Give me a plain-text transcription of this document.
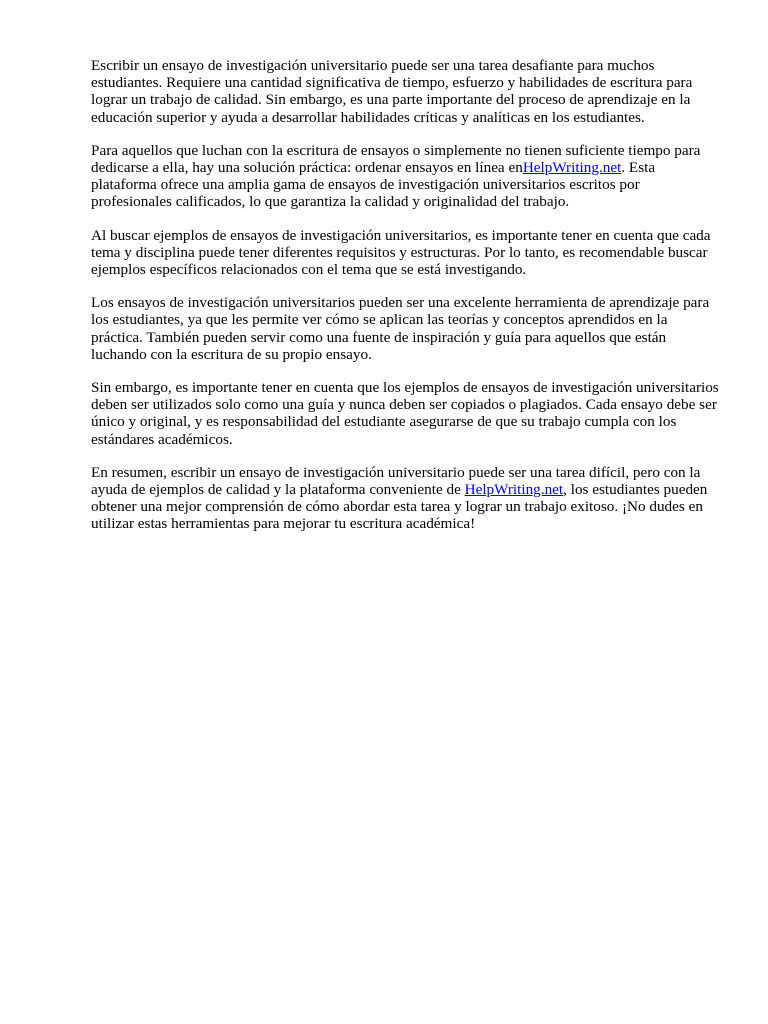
Escribir un ensayo de investigación universitario puede ser una tarea desafiante para muchos estudiantes. Requiere una cantidad significativa de tiempo, esfuerzo y habilidades de escritura para lograr un trabajo de calidad. Sin embargo, es una parte importante del proceso de aprendizaje en la educación superior y ayuda a desarrollar habilidades críticas y analíticas en los estudiantes.

Para aquellos que luchan con la escritura de ensayos o simplemente no tienen suficiente tiempo para dedicarse a ella, hay una solución práctica: ordenar ensayos en línea enHelpWriting.net. Esta plataforma ofrece una amplia gama de ensayos de investigación universitarios escritos por profesionales calificados, lo que garantiza la calidad y originalidad del trabajo.

Al buscar ejemplos de ensayos de investigación universitarios, es importante tener en cuenta que cada tema y disciplina puede tener diferentes requisitos y estructuras. Por lo tanto, es recomendable buscar ejemplos específicos relacionados con el tema que se está investigando.

Los ensayos de investigación universitarios pueden ser una excelente herramienta de aprendizaje para los estudiantes, ya que les permite ver cómo se aplican las teorías y conceptos aprendidos en la práctica. También pueden servir como una fuente de inspiración y guía para aquellos que están luchando con la escritura de su propio ensayo.

Sin embargo, es importante tener en cuenta que los ejemplos de ensayos de investigación universitarios deben ser utilizados solo como una guía y nunca deben ser copiados o plagiados. Cada ensayo debe ser único y original, y es responsabilidad del estudiante asegurarse de que su trabajo cumpla con los estándares académicos.

En resumen, escribir un ensayo de investigación universitario puede ser una tarea difícil, pero con la ayuda de ejemplos de calidad y la plataforma conveniente de HelpWriting.net, los estudiantes pueden obtener una mejor comprensión de cómo abordar esta tarea y lograr un trabajo exitoso. ¡No dudes en utilizar estas herramientas para mejorar tu escritura académica!
